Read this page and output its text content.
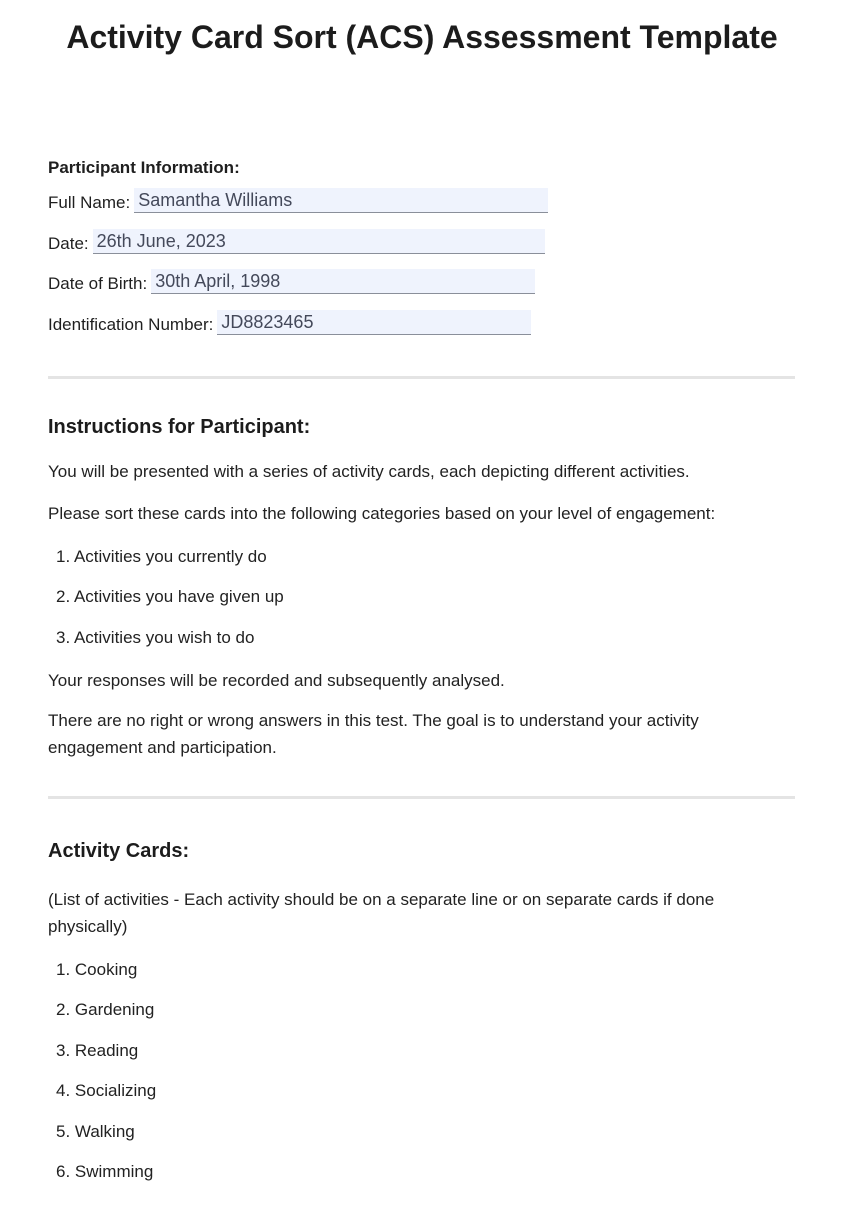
Activity Card Sort (ACS) Assessment Template
Participant Information:
Full Name: Samantha Williams
Date: 26th June, 2023
Date of Birth: 30th April, 1998
Identification Number: JD8823465
Instructions for Participant:
You will be presented with a series of activity cards, each depicting different activities.
Please sort these cards into the following categories based on your level of engagement:
1. Activities you currently do
2. Activities you have given up
3. Activities you wish to do
Your responses will be recorded and subsequently analysed.
There are no right or wrong answers in this test. The goal is to understand your activity engagement and participation.
Activity Cards:
(List of activities - Each activity should be on a separate line or on separate cards if done physically)
1. Cooking
2. Gardening
3. Reading
4. Socializing
5. Walking
6. Swimming
